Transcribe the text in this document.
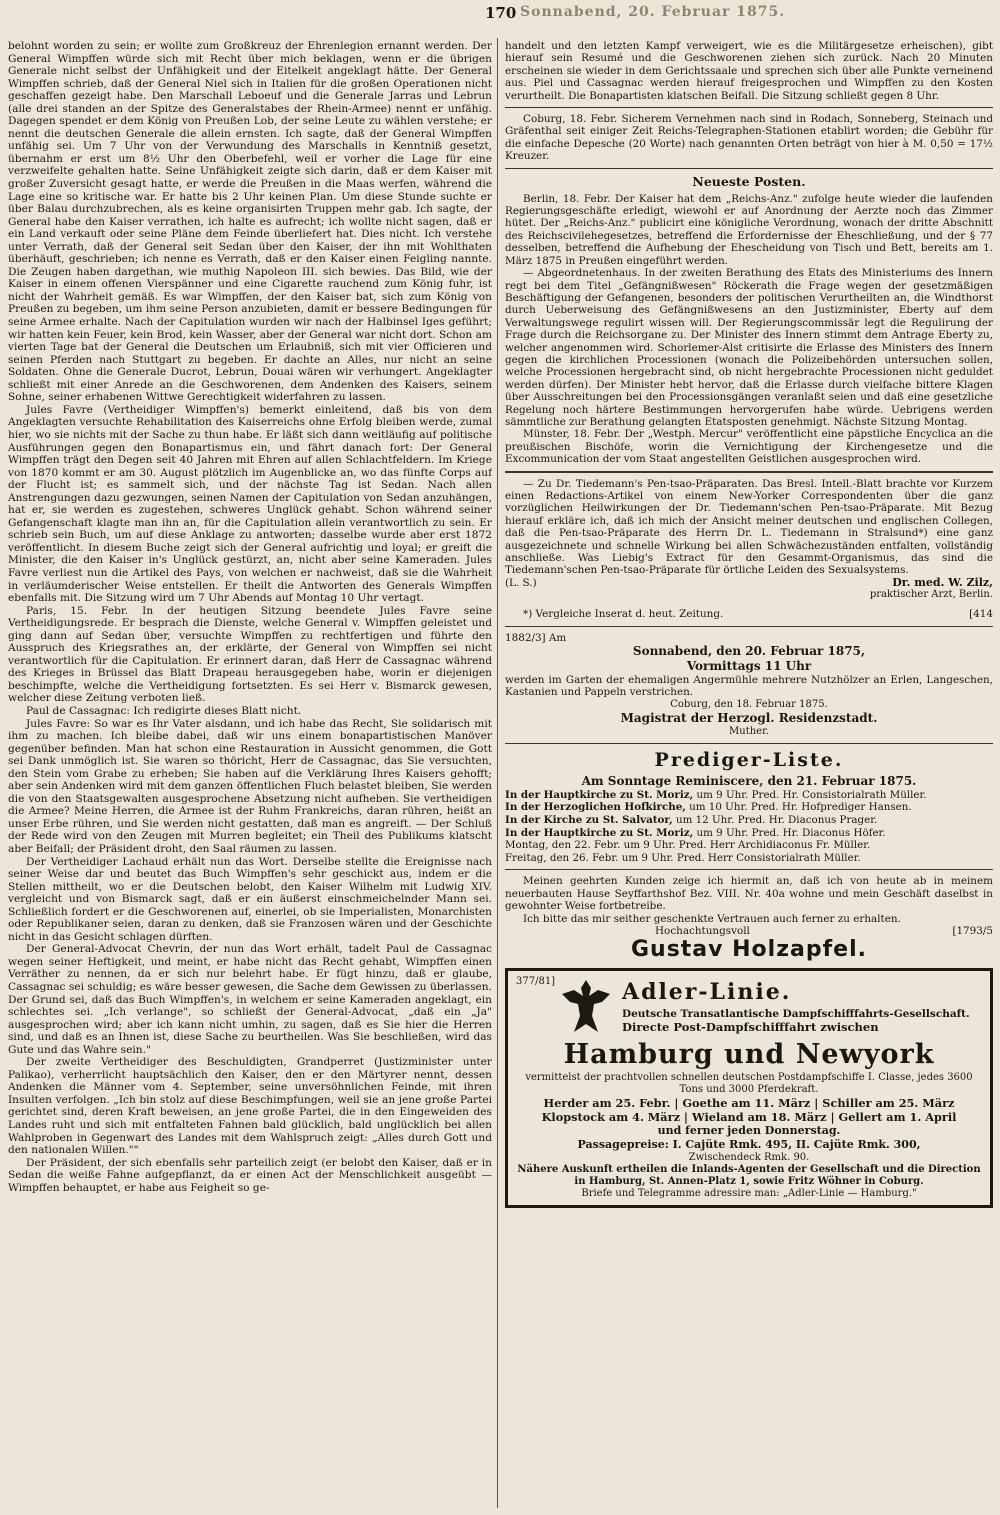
170 Sonnabend, 20. Februar 1875.

belohnt worden zu sein; er wollte zum Großkreuz der Ehrenlegion ernannt werden. Der General Wimpffen würde sich mit Recht über mich beklagen, wenn er die übrigen Generale nicht selbst der Unfähigkeit und der Eitelkeit angeklagt hätte. Der General Wimpffen schrieb, daß der General Niel sich in Italien für die großen Operationen nicht geschaffen gezeigt habe. Den Marschall Leboeuf und die Generale Jarras und Lebrun (alle drei standen an der Spitze des Generalstabes der Rhein-Armee) nennt er unfähig. Dagegen spendet er dem König von Preußen Lob, der seine Leute zu wählen verstehe; er nennt die deutschen Generale die allein ernsten. Ich sagte, daß der General Wimpffen unfähig sei. Um 7 Uhr von der Verwundung des Marschalls in Kenntniß gesetzt, übernahm er erst um 8½ Uhr den Oberbefehl, weil er vorher die Lage für eine verzweifelte gehalten hatte. Seine Unfähigkeit zeigte sich darin, daß er dem Kaiser mit großer Zuversicht gesagt hatte, er werde die Preußen in die Maas werfen, während die Lage eine so kritische war. Er hatte bis 2 Uhr keinen Plan. Um diese Stunde suchte er über Balau durchzubrechen, als es keine organisirten Truppen mehr gab. Ich sagte, der General habe den Kaiser verrathen, ich halte es aufrecht; ich wollte nicht sagen, daß er ein Land verkauft oder seine Pläne dem Feinde überliefert hat. Dies nicht. Ich verstehe unter Verrath, daß der General seit Sedan über den Kaiser, der ihn mit Wohlthaten überhäuft, geschrieben; ich nenne es Verrath, daß er den Kaiser einen Feigling nannte. Die Zeugen haben dargethan, wie muthig Napoleon III. sich bewies. Das Bild, wie der Kaiser in einem offenen Vierspänner und eine Cigarette rauchend zum König fuhr, ist nicht der Wahrheit gemäß. Es war Wimpffen, der den Kaiser bat, sich zum König von Preußen zu begeben, um ihm seine Person anzubieten, damit er bessere Bedingungen für seine Armee erhalte. Nach der Capitulation wurden wir nach der Halbinsel Iges geführt; wir hatten kein Feuer, kein Brod, kein Wasser, aber der General war nicht dort. Schon am vierten Tage bat der General die Deutschen um Erlaubniß, sich mit vier Officieren und seinen Pferden nach Stuttgart zu begeben. Er dachte an Alles, nur nicht an seine Soldaten. Ohne die Generale Ducrot, Lebrun, Douai wären wir verhungert. Angeklagter schließt mit einer Anrede an die Geschworenen, dem Andenken des Kaisers, seinem Sohne, seiner erhabenen Wittwe Gerechtigkeit widerfahren zu lassen.

Jules Favre (Vertheidiger Wimpffen's) bemerkt einleitend, daß bis von dem Angeklagten versuchte Rehabilitation des Kaiserreichs ohne Erfolg bleiben werde, zumal hier, wo sie nichts mit der Sache zu thun habe. Er läßt sich dann weitläufig auf politische Ausführungen gegen den Bonapartismus ein, und fährt danach fort: Der General Wimpffen trägt den Degen seit 40 Jahren mit Ehren auf allen Schlachtfeldern. Im Kriege von 1870 kommt er am 30. August plötzlich im Augenblicke an, wo das fünfte Corps auf der Flucht ist; es sammelt sich, und der nächste Tag ist Sedan. Nach allen Anstrengungen dazu gezwungen, seinen Namen der Capitulation von Sedan anzuhängen, hat er, sie werden es zugestehen, schweres Unglück gehabt. Schon während seiner Gefangenschaft klagte man ihn an, für die Capitulation allein verantwortlich zu sein. Er schrieb sein Buch, um auf diese Anklage zu antworten; dasselbe wurde aber erst 1872 veröffentlicht. In diesem Buche zeigt sich der General aufrichtig und loyal; er greift die Minister, die den Kaiser in's Unglück gestürzt, an, nicht aber seine Kameraden. Jules Favre verliest nun die Artikel des Pays, von welchen er nachweist, daß sie die Wahrheit in verläumderischer Weise entstellen. Er theilt die Antworten des Generals Wimpffen ebenfalls mit. Die Sitzung wird um 7 Uhr Abends auf Montag 10 Uhr vertagt.

Paris, 15. Febr. In der heutigen Sitzung beendete Jules Favre seine Vertheidigungsrede. Er besprach die Dienste, welche General v. Wimpffen geleistet und ging dann auf Sedan über, versuchte Wimpffen zu rechtfertigen und führte den Ausspruch des Kriegsrathes an, der erklärte, der General von Wimpffen sei nicht verantwortlich für die Capitulation. Er erinnert daran, daß Herr de Cassagnac während des Krieges in Brüssel das Blatt Drapeau herausgegeben habe, worin er diejenigen beschimpfte, welche die Vertheidigung fortsetzten. Es sei Herr v. Bismarck gewesen, welcher diese Zeitung verboten ließ.

Paul de Cassagnac: Ich redigirte dieses Blatt nicht.

Jules Favre: So war es Ihr Vater alsdann, und ich habe das Recht, Sie solidarisch mit ihm zu machen. Ich bleibe dabei, daß wir uns einem bonapartistischen Manöver gegenüber befinden. Man hat schon eine Restauration in Aussicht genommen, die Gott sei Dank unmöglich ist. Sie waren so thöricht, Herr de Cassagnac, das Sie versuchten, den Stein vom Grabe zu erheben; Sie haben auf die Verklärung Ihres Kaisers gehofft; aber sein Andenken wird mit dem ganzen öffentlichen Fluch belastet bleiben, Sie werden die von den Staatsgewalten ausgesprochene Absetzung nicht aufheben. Sie vertheidigen die Armee? Meine Herren, die Armee ist der Ruhm Frankreichs, daran rühren, heißt an unser Erbe rühren, und Sie werden nicht gestatten, daß man es angreift. — Der Schluß der Rede wird von den Zeugen mit Murren begleitet; ein Theil des Publikums klatscht aber Beifall; der Präsident droht, den Saal räumen zu lassen.

Der Vertheidiger Lachaud erhält nun das Wort. Derselbe stellte die Ereignisse nach seiner Weise dar und beutet das Buch Wimpffen's sehr geschickt aus, indem er die Stellen mittheilt, wo er die Deutschen belobt, den Kaiser Wilhelm mit Ludwig XIV. vergleicht und von Bismarck sagt, daß er ein äußerst einschmeichelnder Mann sei. Schließlich fordert er die Geschworenen auf, einerlei, ob sie Imperialisten, Monarchisten oder Republikaner seien, daran zu denken, daß sie Franzosen wären und der Geschichte nicht in das Gesicht schlagen dürften.

Der General-Advocat Chevrin, der nun das Wort erhält, tadelt Paul de Cassagnac wegen seiner Heftigkeit, und meint, er habe nicht das Recht gehabt, Wimpffen einen Verräther zu nennen, da er sich nur belehrt habe. Er fügt hinzu, daß er glaube, Cassagnac sei schuldig; es wäre besser gewesen, die Sache dem Gewissen zu überlassen. Der Grund sei, daß das Buch Wimpffen's, in welchem er seine Kameraden angeklagt, ein schlechtes sei. „Ich verlange", so schließt der General-Advocat, „daß ein „Ja" ausgesprochen wird; aber ich kann nicht umhin, zu sagen, daß es Sie hier die Herren sind, und daß es an Ihnen ist, diese Sache zu beurtheilen. Was Sie beschließen, wird das Gute und das Wahre sein."

Der zweite Vertheidiger des Beschuldigten, Grandperret (Justizminister unter Palikao), verherrlicht hauptsächlich den Kaiser, den er den Märtyrer nennt, dessen Andenken die Männer vom 4. September, seine unversöhnlichen Feinde, mit ihren Insulten verfolgen. „Ich bin stolz auf diese Beschimpfungen, weil sie an jene große Partei gerichtet sind, deren Kraft beweisen, an jene große Partei, die in den Eingeweiden des Landes ruht und sich mit entfalteten Fahnen bald glücklich, bald unglücklich bei allen Wahlproben in Gegenwart des Landes mit dem Wahlspruch zeigt: „Alles durch Gott und den nationalen Willen.""

Der Präsident, der sich ebenfalls sehr parteilich zeigt (er belobt den Kaiser, daß er in Sedan die weiße Fahne aufgepflanzt, da er einen Act der Menschlichkeit ausgeübt — Wimpffen behauptet, er habe aus Feigheit so ge-

handelt und den letzten Kampf verweigert, wie es die Militärgesetze erheischen), gibt hierauf sein Resumé und die Geschworenen ziehen sich zurück. Nach 20 Minuten erscheinen sie wieder in dem Gerichtssaale und sprechen sich über alle Punkte verneinend aus. Piel und Cassagnac werden hierauf freigesprochen und Wimpffen zu den Kosten verurtheilt. Die Bonapartisten klatschen Beifall. Die Sitzung schließt gegen 8 Uhr.

Coburg, 18. Febr. Sicherem Vernehmen nach sind in Rodach, Sonneberg, Steinach und Gräfenthal seit einiger Zeit Reichs-Telegraphen-Stationen etablirt worden; die Gebühr für die einfache Depesche (20 Worte) nach genannten Orten beträgt von hier à M. 0,50 = 17½ Kreuzer.

Neueste Posten.

Berlin, 18. Febr. Der Kaiser hat dem „Reichs-Anz." zufolge heute wieder die laufenden Regierungsgeschäfte erledigt, wiewohl er auf Anordnung der Aerzte noch das Zimmer hütet. Der „Reichs-Anz." publicirt eine königliche Verordnung, wonach der dritte Abschnitt des Reichscivilehegesetzes, betreffend die Erfordernisse der Eheschließung, und der § 77 desselben, betreffend die Aufhebung der Ehescheidung von Tisch und Bett, bereits am 1. März 1875 in Preußen eingeführt werden.

— Abgeordnetenhaus. In der zweiten Berathung des Etats des Ministeriums des Innern regt bei dem Titel „Gefängnißwesen" Röckerath die Frage wegen der gesetzmäßigen Beschäftigung der Gefangenen, besonders der politischen Verurtheilten an, die Windthorst durch Ueberweisung des Gefängnißwesens an den Justizminister, Eberty auf dem Verwaltungswege regulirt wissen will. Der Regierungscommissär legt die Regulirung der Frage durch die Reichsorgane zu. Der Minister des Innern stimmt dem Antrage Eberty zu, welcher angenommen wird. Schorlemer-Alst critisirte die Erlasse des Ministers des Innern gegen die kirchlichen Processionen (wonach die Polizeibehörden untersuchen sollen, welche Processionen hergebracht sind, ob nicht hergebrachte Processionen nicht geduldet werden dürfen). Der Minister hebt hervor, daß die Erlasse durch vielfache bittere Klagen über Ausschreitungen bei den Processionsgängen veranlaßt seien und daß eine gesetzliche Regelung noch härtere Bestimmungen hervorgerufen habe würde. Uebrigens werden sämmtliche zur Berathung gelangten Etatsposten genehmigt. Nächste Sitzung Montag.

Münster, 18. Febr. Der „Westph. Mercur" veröffentlicht eine päpstliche Encyclica an die preußischen Bischöfe, worin die Vernichtigung der Kirchengesetze und die Excommunication der vom Staat angestellten Geistlichen ausgesprochen wird.

— Zu Dr. Tiedemann's Pen-tsao-Präparaten. Das Bresl. Intell.-Blatt brachte vor Kurzem einen Redactions-Artikel von einem New-Yorker Correspondenten über die ganz vorzüglichen Heilwirkungen der Dr. Tiedemann'schen Pen-tsao-Präparate. Mit Bezug hierauf erkläre ich, daß ich mich der Ansicht meiner deutschen und englischen Collegen, daß die Pen-tsao-Präparate des Herrn Dr. L. Tiedemann in Stralsund*) eine ganz ausgezeichnete und schnelle Wirkung bei allen Schwächezuständen entfalten, vollständig anschließe. Was Liebig's Extract für den Gesammt-Organismus, das sind die Tiedemann'schen Pen-tsao-Präparate für örtliche Leiden des Sexualsystems.

(L. S.)	Dr. med. W. Zilz,
praktischer Arzt, Berlin.
*) Vergleiche Inserat d. heut. Zeitung.	[414
1882/3] Am
Sonnabend, den 20. Februar 1875,
Vormittags 11 Uhr

werden im Garten der ehemaligen Angermühle mehrere Nutzhölzer an Erlen, Langeschen, Kastanien und Pappeln verstrichen.

Coburg, den 18. Februar 1875.
Magistrat der Herzogl. Residenzstadt.
Muther.
Prediger-Liste.
Am Sonntage Reminiscere, den 21. Februar 1875.
In der Hauptkirche zu St. Moriz, um 9 Uhr. Pred. Hr. Consistorialrath Müller.
In der Herzoglichen Hofkirche, um 10 Uhr. Pred. Hr. Hofprediger Hansen.
In der Kirche zu St. Salvator, um 12 Uhr. Pred. Hr. Diaconus Prager.
In der Hauptkirche zu St. Moriz, um 9 Uhr. Pred. Hr. Diaconus Höfer.
Montag, den 22. Febr. um 9 Uhr. Pred. Herr Archidiaconus Fr. Müller.
Freitag, den 26. Febr. um 9 Uhr. Pred. Herr Consistorialrath Müller.

Meinen geehrten Kunden zeige ich hiermit an, daß ich von heute ab in meinem neuerbauten Hause Seyffarthshof Bez. VIII. Nr. 40a wohne und mein Geschäft daselbst in gewohnter Weise fortbetreibe.

Ich bitte das mir seither geschenkte Vertrauen auch ferner zu erhalten.

Hochachtungsvoll	[1793/5
Gustav Holzapfel.
377/81]	Adler-Linie.
Deutsche Transatlantische Dampfschifffahrts-Gesellschaft.
Directe Post-Dampfschifffahrt zwischen
Hamburg und Newyork
vermittelst der prachtvollen schnellen deutschen Postdampfschiffe I. Classe, jedes 3600 Tons und 3000 Pferdekraft.
Herder am 25. Febr. | Goethe am 11. März | Schiller am 25. März
Klopstock am 4. März | Wieland am 18. März | Gellert am 1. April
und ferner jeden Donnerstag.
Passagepreise: I. Cajüte Rmk. 495, II. Cajüte Rmk. 300,
Zwischendeck Rmk. 90.
Nähere Auskunft ertheilen die Inlands-Agenten der Gesellschaft und die Direction in Hamburg, St. Annen-Platz 1, sowie Fritz Wöhner in Coburg.
Briefe und Telegramme adressire man: „Adler-Linie — Hamburg."
